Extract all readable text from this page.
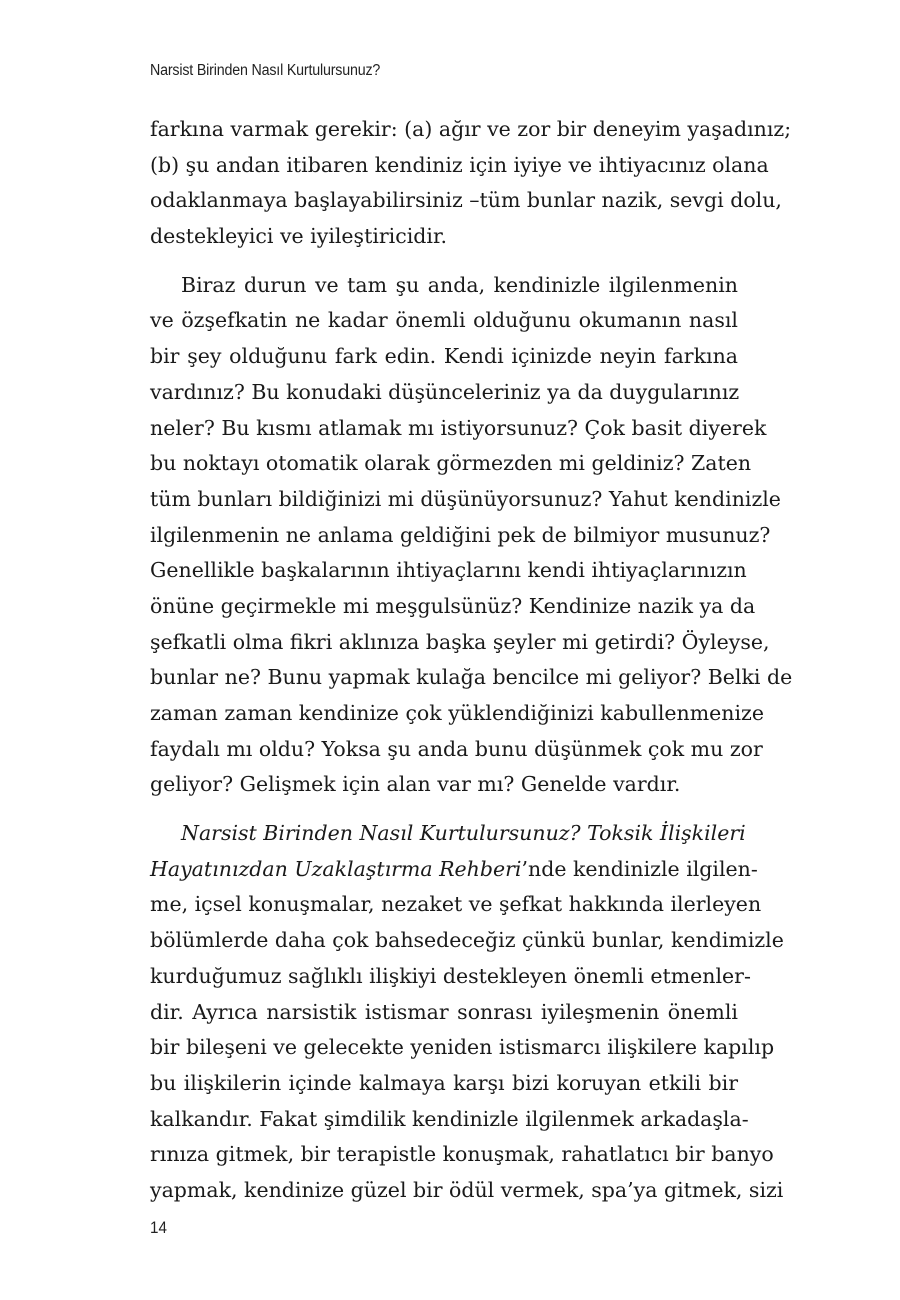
Narsist Birinden Nasıl Kurtulursunuz?
farkına varmak gerekir: (a) ağır ve zor bir deneyim yaşadınız;
(b) şu andan itibaren kendiniz için iyiye ve ihtiyacınız olana
odaklanmaya başlayabilirsiniz –tüm bunlar nazik, sevgi dolu,
destekleyici ve iyileştiricidir.
Biraz durun ve tam şu anda, kendinizle ilgilenmenin
ve özşefkatin ne kadar önemli olduğunu okumanın nasıl
bir şey olduğunu fark edin. Kendi içinizde neyin farkına
vardınız? Bu konudaki düşünceleriniz ya da duygularınız
neler? Bu kısmı atlamak mı istiyorsunuz? Çok basit diyerek
bu noktayı otomatik olarak görmezden mi geldiniz? Zaten
tüm bunları bildiğinizi mi düşünüyorsunuz? Yahut kendinizle
ilgilenmenin ne anlama geldiğini pek de bilmiyor musunuz?
Genellikle başkalarının ihtiyaçlarını kendi ihtiyaçlarınızın
önüne geçirmekle mi meşgulsünüz? Kendinize nazik ya da
şefkatli olma fikri aklınıza başka şeyler mi getirdi? Öyleyse,
bunlar ne? Bunu yapmak kulağa bencilce mi geliyor? Belki de
zaman zaman kendinize çok yüklendiğinizi kabullenmenize
faydalı mı oldu? Yoksa şu anda bunu düşünmek çok mu zor
geliyor? Gelişmek için alan var mı? Genelde vardır.
Narsist Birinden Nasıl Kurtulursunuz? Toksik İlişkileri
Hayatınızdan Uzaklaştırma Rehberi’nde kendinizle ilgilen-
me, içsel konuşmalar, nezaket ve şefkat hakkında ilerleyen
bölümlerde daha çok bahsedeceğiz çünkü bunlar, kendimizle
kurduğumuz sağlıklı ilişkiyi destekleyen önemli etmenler-
dir. Ayrıca narsistik istismar sonrası iyileşmenin önemli
bir bileşeni ve gelecekte yeniden istismarcı ilişkilere kapılıp
bu ilişkilerin içinde kalmaya karşı bizi koruyan etkili bir
kalkandır. Fakat şimdilik kendinizle ilgilenmek arkadaşla-
rınıza gitmek, bir terapistle konuşmak, rahatlatıcı bir banyo
yapmak, kendinize güzel bir ödül vermek, spa’ya gitmek, sizi
14
